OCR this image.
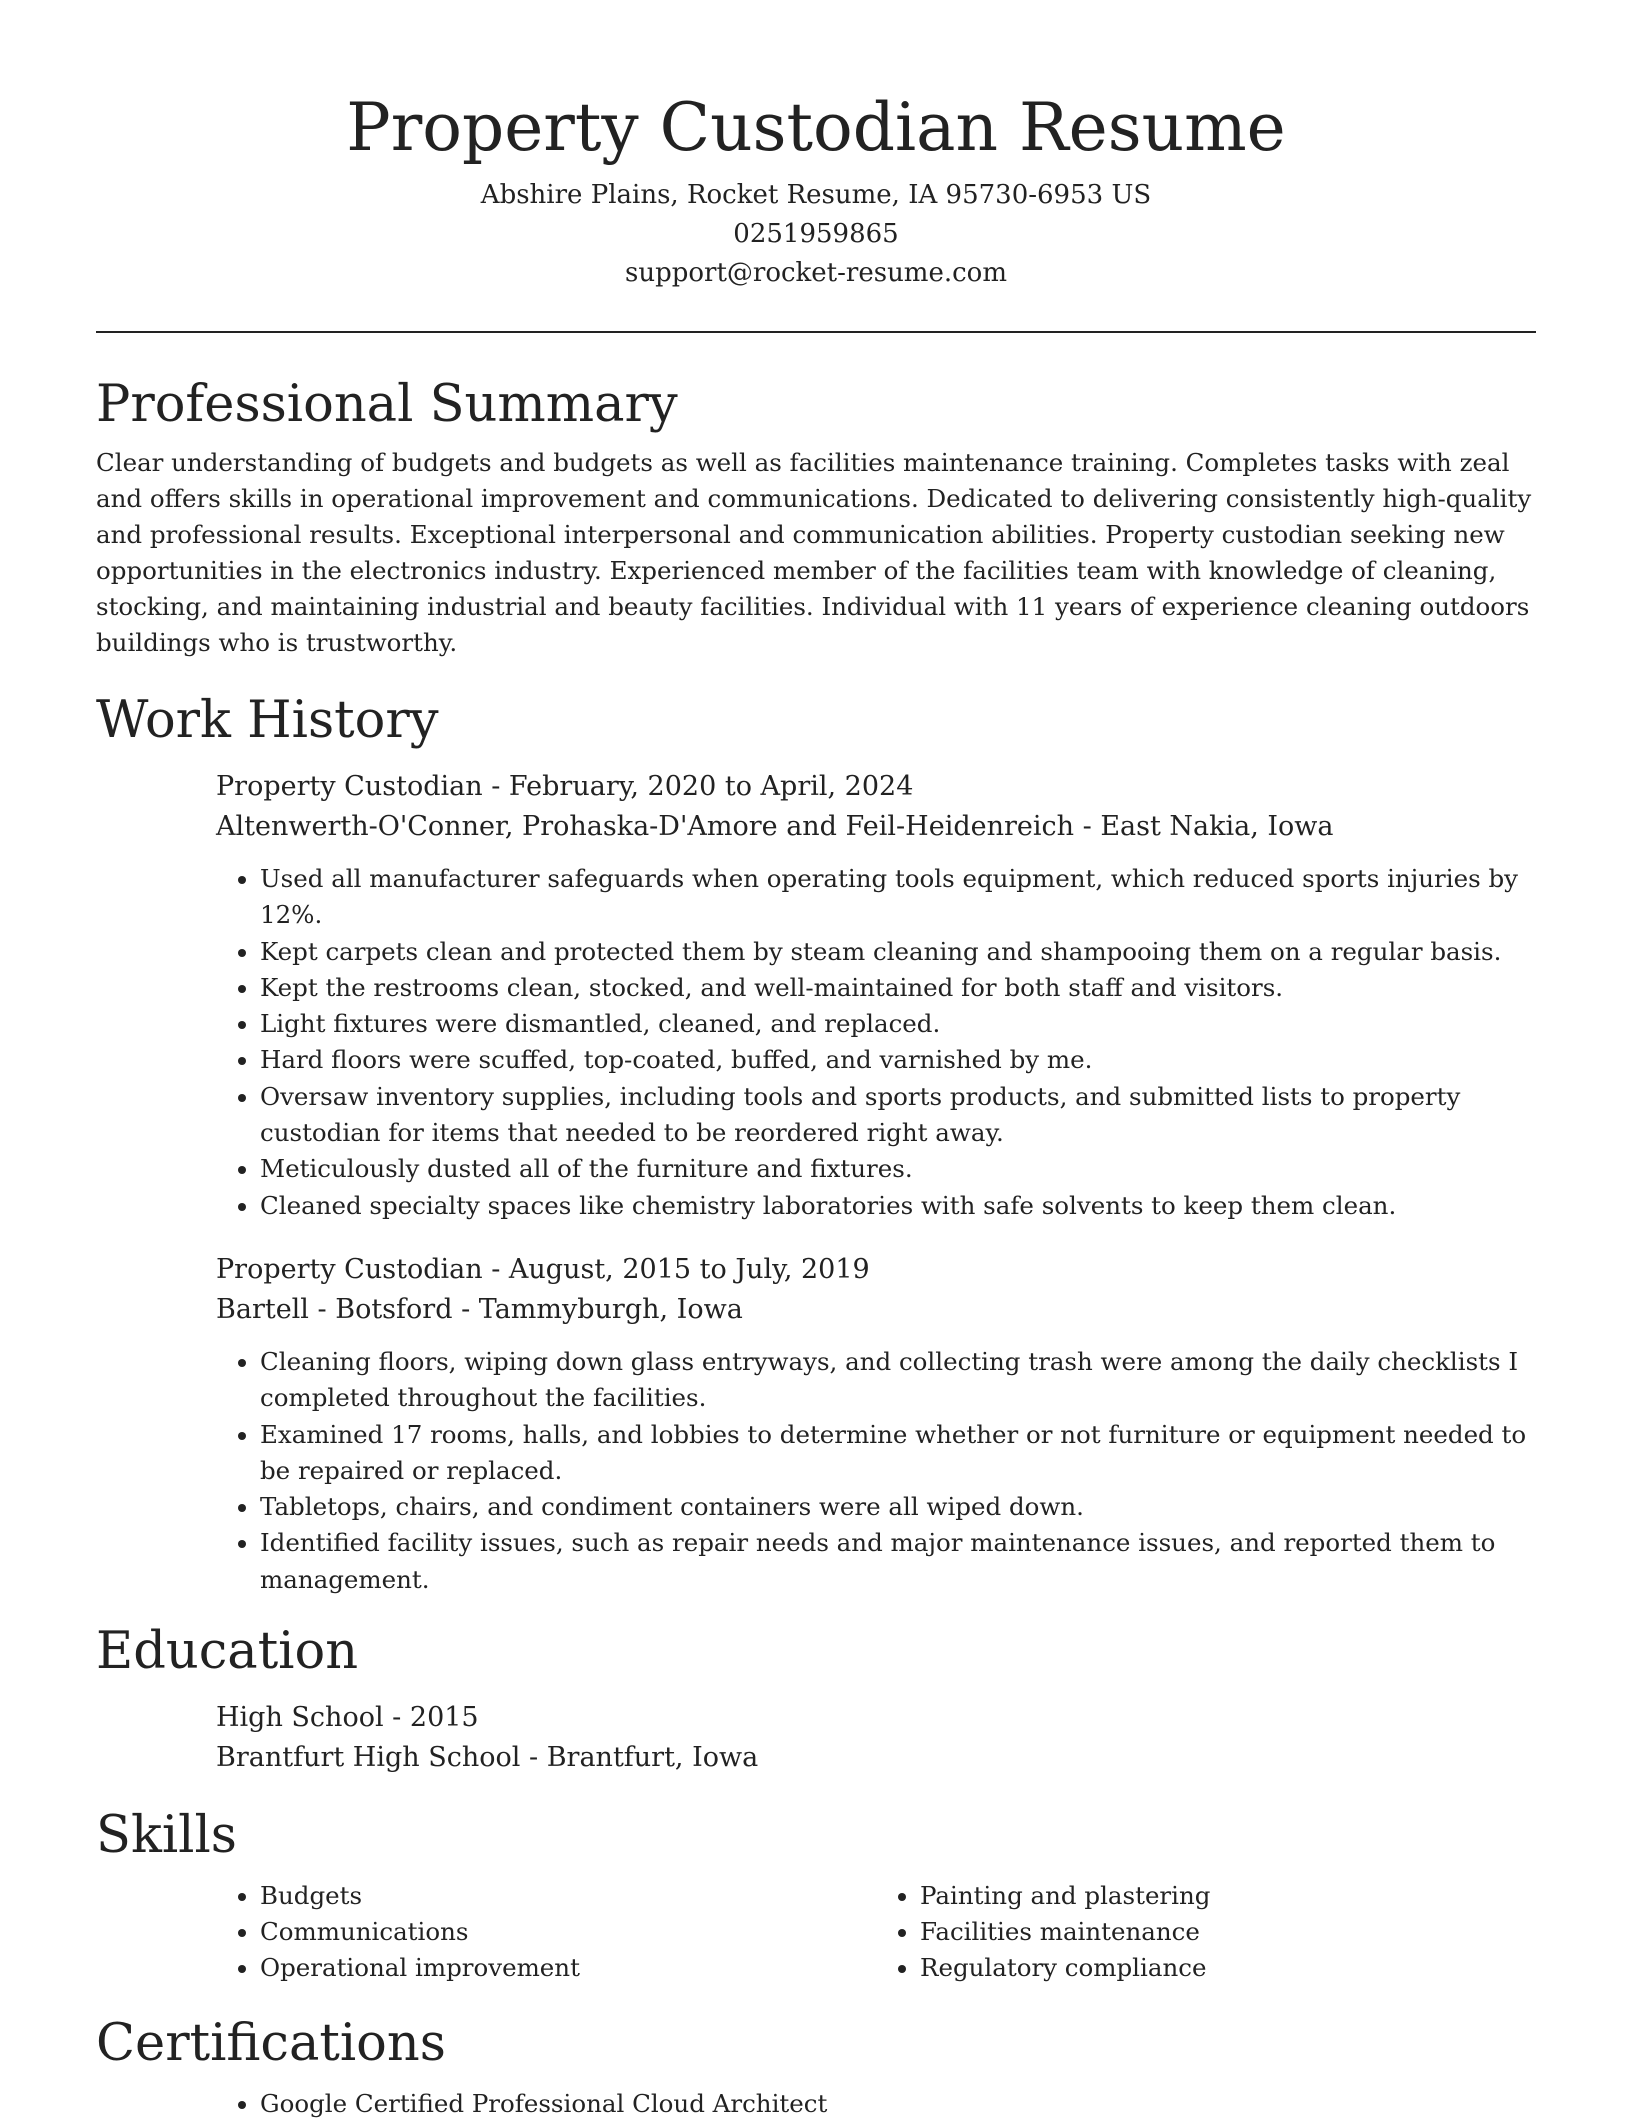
Property Custodian Resume
Abshire Plains, Rocket Resume, IA 95730-6953 US
0251959865
support@rocket-resume.com
Professional Summary

Clear understanding of budgets and budgets as well as facilities maintenance training. Completes tasks with zeal and offers skills in operational improvement and communications. Dedicated to delivering consistently high-quality and professional results. Exceptional interpersonal and communication abilities. Property custodian seeking new opportunities in the electronics industry. Experienced member of the facilities team with knowledge of cleaning, stocking, and maintaining industrial and beauty facilities. Individual with 11 years of experience cleaning outdoors buildings who is trustworthy.

Work History
Property Custodian - February, 2020 to April, 2024
Altenwerth-O'Conner, Prohaska-D'Amore and Feil-Heidenreich - East Nakia, Iowa
• Used all manufacturer safeguards when operating tools equipment, which reduced sports injuries by 12%.
• Kept carpets clean and protected them by steam cleaning and shampooing them on a regular basis.
• Kept the restrooms clean, stocked, and well-maintained for both staff and visitors.
• Light fixtures were dismantled, cleaned, and replaced.
• Hard floors were scuffed, top-coated, buffed, and varnished by me.
• Oversaw inventory supplies, including tools and sports products, and submitted lists to property custodian for items that needed to be reordered right away.
• Meticulously dusted all of the furniture and fixtures.
• Cleaned specialty spaces like chemistry laboratories with safe solvents to keep them clean.
Property Custodian - August, 2015 to July, 2019
Bartell - Botsford - Tammyburgh, Iowa
• Cleaning floors, wiping down glass entryways, and collecting trash were among the daily checklists I completed throughout the facilities.
• Examined 17 rooms, halls, and lobbies to determine whether or not furniture or equipment needed to be repaired or replaced.
• Tabletops, chairs, and condiment containers were all wiped down.
• Identified facility issues, such as repair needs and major maintenance issues, and reported them to management.
Education
High School - 2015
Brantfurt High School - Brantfurt, Iowa
Skills
• Budgets
• Communications
• Operational improvement
• Painting and plastering
• Facilities maintenance
• Regulatory compliance
Certifications
• Google Certified Professional Cloud Architect
